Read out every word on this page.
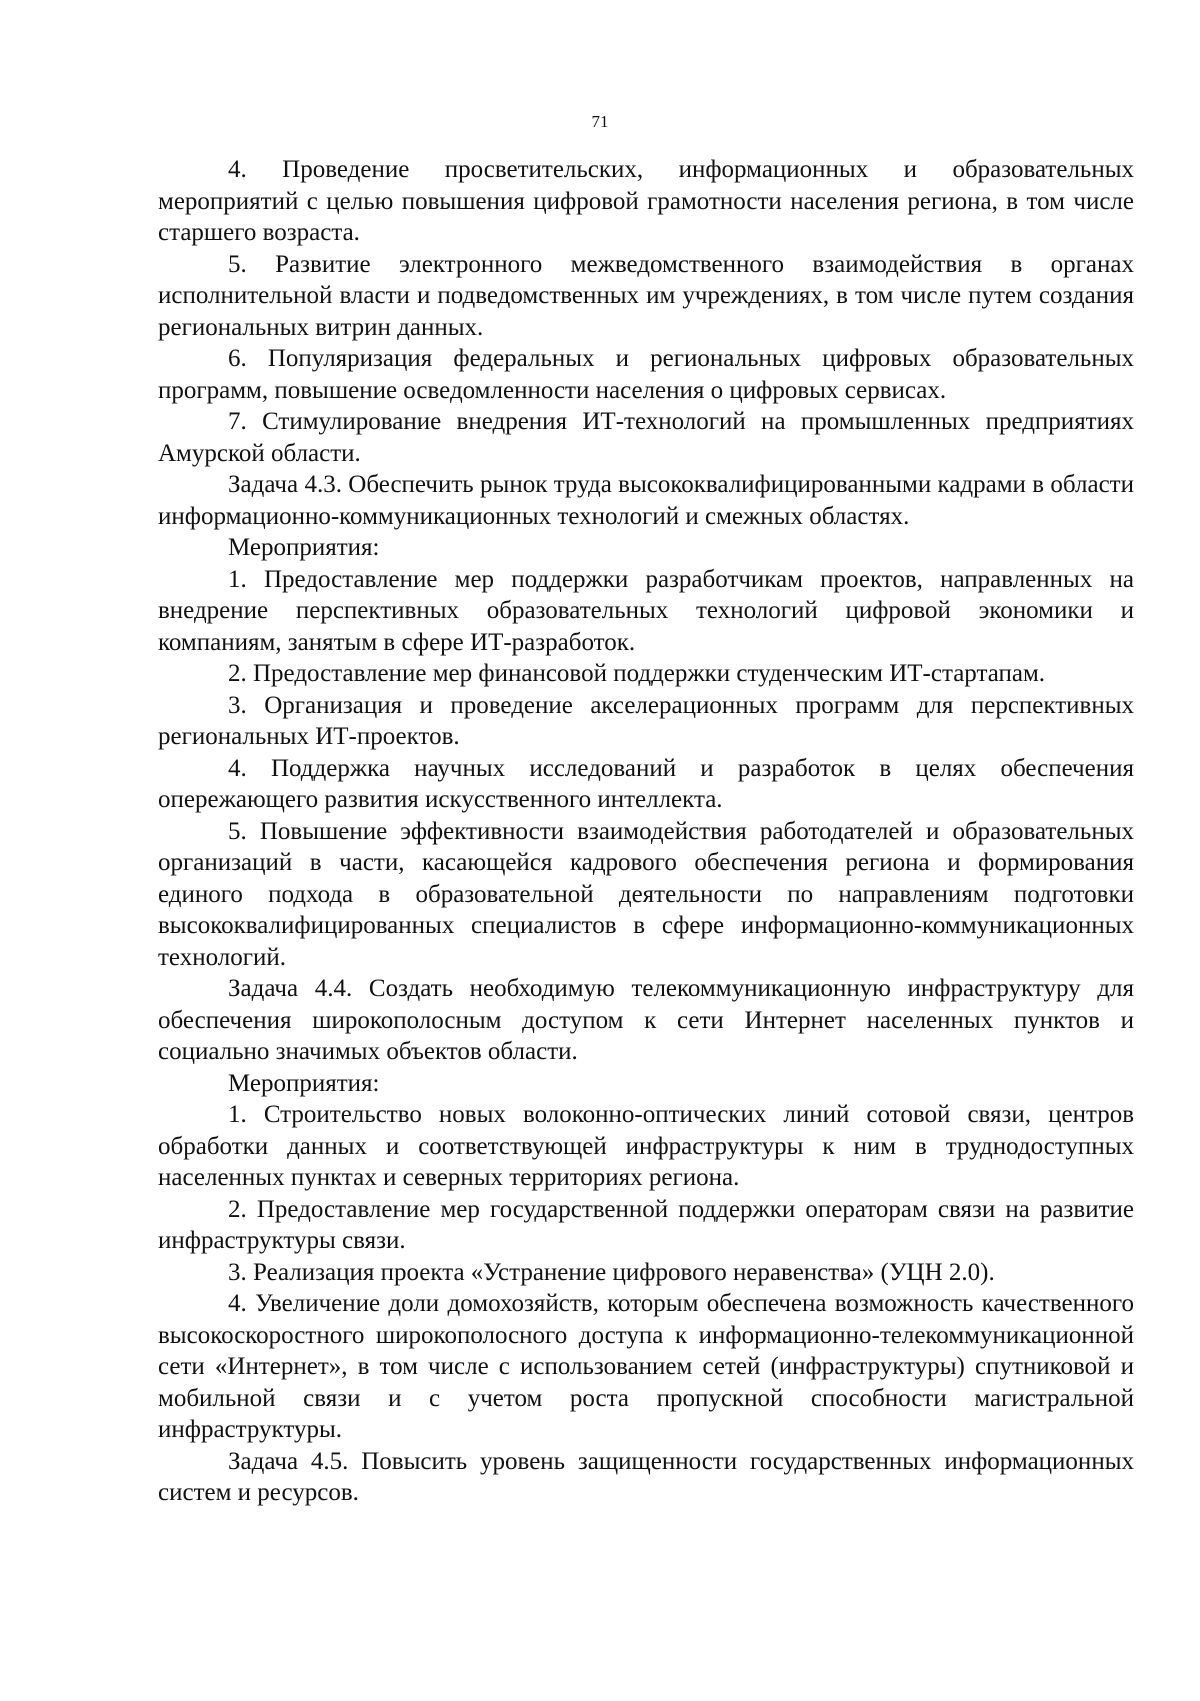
71

4. Проведение просветительских, информационных и образовательных мероприятий с целью повышения цифровой грамотности населения региона, в том числе старшего возраста.

5. Развитие электронного межведомственного взаимодействия в органах исполнительной власти и подведомственных им учреждениях, в том числе путем создания региональных витрин данных.

6. Популяризация федеральных и региональных цифровых образовательных программ, повышение осведомленности населения о цифровых сервисах.

7. Стимулирование внедрения ИТ-технологий на промышленных предприятиях Амурской области.

Задача 4.3. Обеспечить рынок труда высококвалифицированными кадрами в области информационно-коммуникационных технологий и смежных областях.

Мероприятия:

1. Предоставление мер поддержки разработчикам проектов, направленных на внедрение перспективных образовательных технологий цифровой экономики и компаниям, занятым в сфере ИТ-разработок.

2. Предоставление мер финансовой поддержки студенческим ИТ-стартапам.

3. Организация и проведение акселерационных программ для перспективных региональных ИТ-проектов.

4. Поддержка научных исследований и разработок в целях обеспечения опережающего развития искусственного интеллекта.

5. Повышение эффективности взаимодействия работодателей и образовательных организаций в части, касающейся кадрового обеспечения региона и формирования единого подхода в образовательной деятельности по направлениям подготовки высококвалифицированных специалистов в сфере информационно-коммуникационных технологий.

Задача 4.4. Создать необходимую телекоммуникационную инфраструктуру для обеспечения широкополосным доступом к сети Интернет населенных пунктов и социально значимых объектов области.

Мероприятия:

1. Строительство новых волоконно-оптических линий сотовой связи, центров обработки данных и соответствующей инфраструктуры к ним в труднодоступных населенных пунктах и северных территориях региона.

2. Предоставление мер государственной поддержки операторам связи на развитие инфраструктуры связи.

3. Реализация проекта «Устранение цифрового неравенства» (УЦН 2.0).

4. Увеличение доли домохозяйств, которым обеспечена возможность качественного высокоскоростного широкополосного доступа к информационно-телекоммуникационной сети «Интернет», в том числе с использованием сетей (инфраструктуры) спутниковой и мобильной связи и с учетом роста пропускной способности магистральной инфраструктуры.

Задача 4.5. Повысить уровень защищенности государственных информационных систем и ресурсов.
